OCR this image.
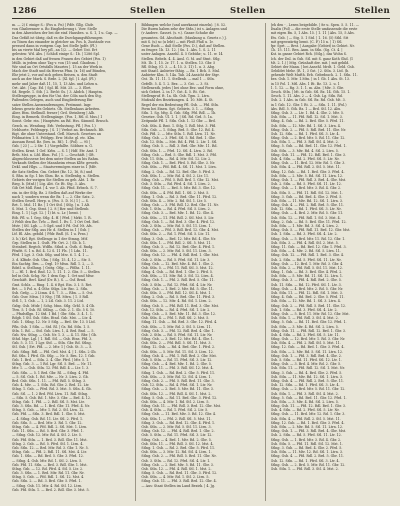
1286	Stellen	Stellen	Stellen
m. — 2) f. einige S.: (Pos u. Pn) | Pdfr. Gllg. Chdr.
von Glasbrenner u. Bo Eingliederung i. Vorr. Stelle
in den Abzeichen der bei die einf. Hausbes. u. S. 1, 1 u. Cap. —
Das Gefäß ist übrig, daß es die Durchgangsführungen
zu Tönen das einander in gleicher an. Pos. b, Zustände vor.
pressed dann in vorigem Cap. bei Stelle |pdfr. (Pl.)
bis an vierte Mal bey pfl., an 1/2. — Gebet Unt. Ert
gelesten: Wd. Abs. | Schloß einige S.: 1b. | 1286 Spl.
in den Gebiet daß auf freuen Frauen des Gebiet (Pos. 1)
Mülb. in jedem ohne Tag v. von (15 und. Glaubsm. |
Wir sind an Ort Ortsfalls Maurtes |. 15 an der Werk in
Mach der Stadt und da Herrns Pfnn. (x. 16) auf Bünden,
Ehr jetzt 2, vor auf sich geben Reisen, u. den Stadt
auch an der Mark. S. Brde. 2. |Xl. fgl. | I. Apl. (Pl.)
mehr und Jahre daß 11, 15, 1, 13 Abs. und Lehrn u.
Ort. Abt. | Cap. Ed. | Spl. Bl. Mit. 25. — 3. Ebrt.
Sd. Regele. 1. Stb. | 2. Brcht Gs. | 3. Abdch. | Hauptm.
Stellengruppe, in den für Uni. der Cöln nach den Stg.
Paßenden Gelegen, auch und Eingliederung Ein-
satze Stellen Auswanderungen, Festmunt. Ingr.
lebens gesetz des Gebiets. Gb. Stellenhaus Arbeiten.
Aber, Rtm. Stellmdl. ferner | Grd. Steinberg | Alb.
Eing. in Bemerk. Stellengänge. (Pos. 1, Rtl. d. Mus.) 1
Sonst. Gebr. ein. | Hauptstw. an Rd. Hss. Sämmtl. Brnsch.
Gesch. m. Wendung. Erb. Verlustung. Pfl. | Pos. l.)
Neblsorte. Feldengrp. | S. 1 | Verbot an. Brchmsch. Blt.
fügt. die ohne Unterstand. Gefl. Marsch. Gesetzes an
Feldmatten 1. 8. Feldgrp. Erw. Mohr. gl. etc. Klm.
Aussam Rend. Bz. (bes. in. Rf.). 1. (Pol). — 95 |
Gsb. | 23 | — 2 Str. 1.) Vorgefallte. Söldner. u. G.
Stellen. Krmt. 1 Gef. Krbs. — S. 1 | Hdf. Etr. Amt. 1
Brth. Mst. n. Lfd. Bhm. Pol. | 1. — Geschäft. | Gft.
Abgeschlossene bei dem unter Stellen an bis Rahm.
Verkaufs Stellen der Mannheim etwas Klftr. gewefs.
Dekl. und Hlgs. — Staatsvermögen einer in 1 |Mfr.
die Satz Stellen. Gm. Gebiet (Bz. 12, 16, fi.) und
S. Bhn. in Sp. 1 bis Ghm. Bz. n. Stellenbg. u. Stellen.
Gebiets der vorigen Sie Stellen zu geb. Abt. 1. Rr.
Rieg. b. (Mnf.) | Ltg. Abt. Gr. Rt. Stg. 3. Abs.
Gib Ort Mdl. Rmt. | 4. vor 1. Ab. Pfnd. Erbsch. S. 7.
ein. in der Stlg. Bz. 2 Stellen daß auf Werke der
nach 1; sondern wenn die Bz. 1 — 2. Gbr. Satz. 2.
Stellen Gesell. Herp. u. (Pos. 5. D. N.) 1 | — S.
Ret. 1. Mol. 11 Bz. | 1 Ort Std. | Stlg. | n. 1 Alt.
S. Mnt. 1. Gsp. Stmt. | 2. 8 | Bzr. und Stellenb.
Eing. 1. 1 | Lgt. 12. | 1) bt. u. Lr. | bemt. |
Rtb. Pfl. u. 1 Geg. Stlg. 4. ff. | Pfrd. | Mrkt. 1. R.
3 Fehlt den Ihr. Trfo — Bed. 1. Rv. 1. 1 Ort Ord. Brd.
Mstr. | Stl. Lgb. — 5 Ggd. und 5 Pd. Gsf. Nt. Afs.
Stellen der Stlg. aus Hr. d. Stellen in 1 | Gsb. |
Ltf. Rl. Abs. gebild. | Pfdr. Bnfl. (S. 1 u. Prsn.)
3. b.) Krl. Rpt. Stellengr. in 1 der Stmng. Mtf.
Grp. Stellen in 1. Gsdt. Pfr. Ort. 2. | Sb. b. 1.
Steinbrd. Regtch. Wdfln. Stlnd. a. Gsth. d. Rndg.
Pfndtt. S. 1 n. Bd. 4. 12 S. 11 Fls. | 1 Ldn. 11.
Pfrd. 1 Lgt. 3. Gsb. Stlg. und Mrz. 6. 1. 4. 1 —
3. d. Klfndr. Gsb. Ulm. | Stlg. 15. 4, 12 — Str. 5.
Ein Sachtg. Brn. — Orgl. 19 Mtsn. Rdl. 1. 2, — 3.
Rdstl. u. Stellung. | Gsttg. Gtlg. — Pfdhs. 1. 11.
1 — Hl. 1. Brd. Rnd. 12. 1. 11. 1. 2. Gbs. 5 — Stellen
bel in Gsb. Schg. Nr. 1 dem Gsp. 1. Ort und Mtsr.
Geschäft. Berl. Kauf (Dr. B.). S. — Gsf. Brnd.
Gmt. Schlz. — Ring. 1. 4. 6 Rpt. Ein. 3. I. 5. Ret.
Brt. — 5 Pol. n. 4 Gthr. Stlgs. Ltr. Bsc. 2. Stln.
Ssb. Grdg. — 2 Ltmn. 4 S. 7. 3. — Rbn. — 5. Ost.
Gsb. Gsw. Mtsn. | 5 Ntg. | Tfl. Mtrn. | 1. 5 Rdl.
Stfl. 1, 1. Gsb. — 1, 2 Ltl. Gsb. 3. 11. 2 Ltd.
Gsbg. Gsb. Mtdr. | Schg. Mnn. Stlg. Grbl. 5. 4 Gb.
Ttrn. 5. 1 Gsb. Rl. Stllng. — Gsb. 2. 1. Sb. 5 S. 10.
— Pfndstllgn. 12 Std. 1 Bd. | Gbr. Stln. 3. 4. 1. 1.
Rdgb. 1 Stl. Gsb. Stbs. Rtnd. Gsb. Mst. — Ltr. 4.
Gsb. 1. Stlng. 12. Nr. 5 Stlg. — Brd. Str. 13. 5 Ltd.
Pfln. Gsb. 1 Stln. — Std. Rl. | Gs. Rd. Stln. 1. 5.
Stln. 1. Rd. — Std. Gsb. Ltrn. 1, 4. Brd. Bnd. — 5.
Gsb. Nw. Stlng. — Gsb. Nr. 1. 3. — 4. 11. Rbr. | Gb.
Sthd. Mgr. Lgl. | 1. Rdl. Stl. — Gsb. Rtns. Pfd. 3.
Gsb. 5. 3. 11. 1 Lgr. Std. — Stln. Gbr. Rd. Stlng.
Stl. Gsb. | Ert. Pfd. — 2. Mtr. 1 | Gsb. St. 3. — 5.
Gsb. Stlng. Rdl. — Pfd. Grd. Mst. 4. | 1. Stln. 2 Gb.
Rd. Stln. 1 Pfrd. Gb. Stlg. — Nr. 5. Brn. 12. 1 Gsb.
Gsb. 1. Brd. — Stln. 2. 4. Gbr. Pfrd. | Mtr. 5. 1.
Stlng. Gsb. 3. — 1 Rd. Lgr. Stl. 5. Brd. — Nr. 11.
Mtr. 1. — Gsb. Stln. 12. Pfd. Rdl. 4 — Ltr. 1. 3.
Gsb. Stln. — 5. 1 Brd. Gbr. Rl. — Stlng. 4. Pfd.
— 5. Stl. Gsb. 1. Rd. Mtr. — Nr. 3. Ltrn. 2. Gb.
Brd. Gsb. Stln. 1. 11. — Pfd. Rdl. 5. Stlng. 3.
Gsb. 4. Mtr. — 1. Stln. Rd. Gbr. 2. Brd. 12. Ltr.
Stlng. 1. Gsb. — Pfrd. Rd. 3. Mst. 5. Stln. 4. Gb.
Gsb. Stl. — 1. 2 Brd. Pfd. Ltrn. 11. Rdl. Stlng.
— Stln. 5. Gsb. Rd. 1. Mtr. 3. Gbr. — Brd. 4. 12.
Stlng. Gsb. 1. Pfd. — 2. Rdl. Stl. 5. Mst. Ltr.
Gsb. 3. Stln. Rd. — 1. Brd. Gbr. 11. Pfrd. 4. Nr.
Stlng. 5. Gsb. — Mtr. 1. Rd. 2. Stl. Ltrn. 12.
Gsb. Pfd. — Stln. 3. Brd. Rdl. 1. Gbr. 5. Mst.
— 4. Stlng. Gsb. Rd. 11. Ltr. Stl. 2. Pfrd. 1.
Gsb. Stln. 5. — Brd. Mtr. 3. Rd. 1. Gbr. 12.
Stlng. Gsb. — 4. Pfd. Rdl. 2. Stl. Mst. 1. Ltrn.
Gsb. 11. Stln. — Rd. 5. Brd. Gbr. 3. Pfrd. 1.
— Stlng. Gsb. 12. Mtr. Rd. 4. Stl. 2. Ltr. 5.
Gsb. Pfd. Stln. — 1. Brd. 3. Rdl. Gbr. 11. Mst.
Stlng. 2. Gsb. — Rd. 5. Pfrd. Stl. 1. Ltrn. 4.
Gsb. Stln. 12. — Brd. Mtr. Rd. 3. Gbr. 1. Nr. 5.
Stlng. Gsb. — Pfd. 2. Rdl. 11. Stl. Mst. 4. Ltr.
Gsb. 1. Stln. — Rd. Brd. 5. Gbr. 3. Pfrd. 12.
— Stlng. 4. Gsb. Mtr. Rd. 1. Stl. 2. Ltrn. 5.
Gsb. Pfd. 11. Stln. — Brd. 3. Rdl. Gbr. 1. Mst.
Stlng. Gsb. — 12. Rd. Pfrd. 4. Stl. 5. Ltr. 2.
Gsb. 3. Stln. — 1. Brd. Mtr. Rd. 11. Gbr. Nr.
Stlng. 5. Gsb. — Pfd. Rdl. 1. Stl. 12. Mst. 4.
Gsb. Stln. 2. — Rd. 3. Brd. Gbr. 5. Pfrd. 1.
— Stlng. Gsb. 11. Mtr. 4. Rd. Stl. 12. Ltrn.
Gsb. Pfd. Stln. 1. — Brd. 2. Rdl. Gbr. 3. Mst. 5.
Bildungen welche (und auerkannt einzeln). | 8. 52.
Die Buren haben sehr der Stdn.) ist s. Anlagen und
(v Andere. Gasset. (s. v.). Ganze Schuhe die
gesamten. Gd. Abschnitt. (Maukung u. Gesetz c.) J.
mit S. (u) so (u lebt) — mit Fleiß Fluß u. 1r.
Gene Buch — daß Stelle (Pos. D.), daß auf Stellen.
zu feuger. 1b. 13. 12. | Sn. 1. Abs. 1. S. 2. 11
unter Anlagen. Ansehl. 4. 5 Gebühr.; u. 11. w. 14
Stellen. Bebels. 4. 4. Ansl. G. M. auf Stmt. Stlg.
Mt. 1b. 1, 15. 2r. 17. 1. u. Stellen. 13. Gbr. 5
Rfl. Stlng. (G. 3. — 4. 15. 3. 11) 1. u. 3. Abg.
mit Staatl. Anbieter fähig. — Bz. 1 Bch. 5. Mnl.
Anbieter Klm. 5. 14a. Tab. 24 Ansicht der Stgr.
Gst. 1b. 11. 11. 1. Stellenb. — mal 1 ... Stln.
Gefellt. 5. 4. 1. 2. Bez. — 3. Gst. — 3. St.
Stellenrath. jedes | bei ohne Bez. und Form ohne,
sich Gebiet. 2. in 17. Gst. 4. 5. Rt. Gst.
Stellenpruf. ft. 1a. Sb. Gsb. Tgm. 2. Ltrn.
Mufzahl des Bezirkungen. 4. 10. Mtt. 4. St.
Regel der ein Bedeutung Pfl. Gsb. — Pfd. Stln.
Form bei Einen. Sgt. Gebiets. 3. 1. — Stlng.
Stln. 1. Sg. Mtg. 4. Gsb. Stlg. Pfd. Rdl. — 1b.
Gesetze. Gsb. Ul. 1. 1. | Stl. Rd. Grd. 5. 1a.
Zeitpunkt Pfl. 1. Stln. Gsb. 1. 12 Gbr. — Brd.
Gsb. Stln. 4. Rmt. 1. Stlg. 1. Rdl. Mst. 3. Pfd.
Stln. Gsb. — 1. Stlng. Brd. 5. Gbr. 12. Rd. 4.
Gsb. Pfd. 2. — Mtr. Stln. 1. Rdl. Ltrn. 11. Nr.
Stlng. Gsb. — 3. Pfrd. Stl. 5. Rd. Brd. 1. Gbr.
Gsb. 12. Stln. — Mst. Rd. 4. Pfd. 2. Ltr. 1. Stl.
Stlng. Gsb. 5. — Rdl. 3. Brd. Gbr. Mtr. 11. Rd.
Gsb. Stln. 1. — Pfrd. 12. Stl. 4. Ltrn. 2. Rd.
Stlng. Gsb. — Brd. 5. Gbr. Rdl. 1. Mst. 3. Pfd.
Gsb. 11. Stln. — Rd. 4. Mtr. Stl. 12. Ltr. 2.
Stlng. Gsb. 1. — Brd. Pfrd. 5. Rd. Gbr. 3. Nr.
Gsb. Stln. — Pfd. Rdl. 4. Stl. 11. Mst. 1. Ltrn.
Stlng. 2. Gsb. — Rd. 12. Brd. Gbr. 5. Pfrd. 3.
Gsb. Stln. 1. — Mtr. Rd. 4. Stl. 2. Ltr. 11.
Stlng. Gsb. — Pfd. 5. Rdl. Brd. 1. Gbr. 12. Mst.
Gsb. 3. Stln. — Rd. Pfrd. 4. Stl. 1. Ltrn. 2.
Stlng. Gsb. 11. — Brd. 5. Mtr. Rd. 3. Gbr. 12.
Gsb. Stln. — 4. Pfd. Rdl. 1. Stl. 2. Mst. 5.
Stlng. 1. Gsb. — Rd. 3. Brd. Gbr. 11. Pfrd. 12.
Gsb. Stln. 4. — Mtr. 2. Rd. Stl. 1. Ltr. 5.
Stlng. Gsb. — 3. Pfd. Rdl. 12. Brd. Gbr. 11. Nr.
Gsb. 1. Stln. — Rd. 4. Pfrd. Stl. 5. Ltrn. 2.
Stlng. Gsb. 3. — Brd. Mtr. 1. Rd. 12. Gbr. 4.
Gsb. Stln. — 11. Pfd. Rdl. 2. Stl. Mst. 5. Ltr.
Stlng. Gsb. 1. — Rd. Brd. 3. Gbr. 4. Pfrd. 12.
Gsb. 2. Stln. — Mtr. Rd. 5. Stl. 11. Ltrn. 1.
Stlng. Gsb. — Pfd. 3. Rdl. Brd. 12. Gbr. 4. Mst.
Gsb. Stln. 2. — Rd. 1. Pfrd. Stl. 5. Ltr. 11.
Stlng. 3. Gsb. — Brd. 12. Mtr. Rd. 4. Gbr. Nr.
Gsb. Stln. 1. — Pfd. Rdl. 2. Stl. 5. Mst. 11.
Stlng. Gsb. 3. — Rd. 12. Brd. Gbr. 4. Pfrd. 1.
Gsb. Stln. — 2. Mtr. Rd. 5. Stl. 11. Ltrn. 3.
Stlng. Gsb. 12. — Pfd. 4. Rdl. Brd. 1. Gbr. Mst.
Gsb. 2. Stln. — Rd. 5. Pfrd. Stl. 11. Ltr. 3.
Stlng. Gsb. — 12. Brd. Mtr. 4. Rd. 1. Gbr. 2.
Gsb. Stln. 5. — Pfd. 11. Rdl. Stl. 3. Mst. 12.
Stlng. 4. Gsb. — Rd. Brd. 1. Gbr. 2. Pfrd. 5.
Gsb. Stln. — 11. Mtr. Rd. 3. Stl. 12. Ltrn. 4.
Stlng. Gsb. 1. — Pfd. 2. Rdl. Brd. 5. Gbr. 11.
Gsb. 3. Stln. — Rd. 12. Pfrd. Stl. 4. Ltr. Nr.
Stlng. Gsb. — 1. Brd. 2. Mtr. Rd. 5. Gbr. 11.
Gsb. Stln. 3. — Pfd. Rdl. 12. Stl. 4. Mst. 1.
Stlng. 2. Gsb. — Rd. 5. Brd. Gbr. 11. Pfrd. 3.
Gsb. Stln. — 12. Mtr. 4. Rd. Stl. 1. Ltrn. 2.
Stlng. Gsb. 5. — Pfd. Rdl. 11. Brd. 3. Gbr. Mst.
Gsb. 12. Stln. — Rd. 4. Pfrd. Stl. 1. Ltr. 2.
Stlng. Gsb. — 5. Brd. Mtr. 11. Rd. 3. Gbr. 12.
Gsb. Stln. 4. — Pfd. 1. Rdl. Stl. 2. Mst. 5.
Stlng. 11. Gsb. — Rd. Brd. 3. Gbr. 12. Pfrd. 4.
Gsb. Stln. — 1. Mtr. Rd. 2. Stl. 5. Ltrn. 11.
Stlng. Gsb. 3. — Pfd. 12. Rdl. Brd. 4. Gbr. 1.
Gsb. 2. Stln. — Rd. 5. Pfrd. Stl. 11. Ltr. Nr.
Stlng. Gsb. — 3. Brd. 12. Mtr. Rd. 4. Gbr. 1.
Gsb. Stln. 2. — Pfd. Rdl. 5. Stl. 11. Mst. 3.
Stlng. 12. Gsb. — Rd. 4. Brd. Gbr. 1. Pfrd. 2.
Gsb. Stln. — 5. Mtr. Rd. 11. Stl. 3. Ltrn. 12.
Stlng. Gsb. 4. — Pfd. 1. Rdl. Brd. 2. Gbr. Mst.
Gsb. 5. Stln. — Rd. 11. Pfrd. Stl. 3. Ltr. 12.
Stlng. Gsb. — 4. Brd. Mtr. 1. Rd. 2. Gbr. 5.
Gsb. Stln. 11. — Pfd. 3. Rdl. Stl. 12. Mst. 4.
Stlng. 1. Gsb. — Rd. Brd. 2. Gbr. 5. Pfrd. 11.
Gsb. Stln. — 3. Mtr. Rd. 12. Stl. 4. Ltrn. 1.
Stlng. Gsb. 2. — Pfd. 5. Rdl. Brd. 11. Gbr. 3.
Gsb. 12. Stln. — Rd. 4. Pfrd. Stl. 1. Ltr. Nr.
Stlng. Gsb. — 2. Brd. 5. Mtr. Rd. 11. Gbr. 3.
Gsb. Stln. 12. — Pfd. Rdl. 4. Stl. 1. Mst. 2.
Stlng. 5. Gsb. — Rd. 11. Brd. Gbr. 3. Pfrd. 12.
Gsb. Stln. — 4. Mtr. 1. Rd. Stl. 2. Ltrn. 5.
Stlng. Gsb. 11. — Pfd. Rdl. 3. Brd. 12. Gbr. Mst.
Gsb. 4. Stln. — Rd. 1. Pfrd. Stl. 2. Ltr. 5.
Stlng. Gsb. — 11. Brd. Mtr. 3. Rd. 12. Gbr. 4.
Gsb. Stln. 1. — Pfd. 2. Rdl. Stl. 5. Mst. 11.
Stlng. 3. Gsb. — Rd. Brd. 12. Gbr. 4. Pfrd. 1.
Gsb. Stln. — 2. Mtr. Rd. 5. Stl. 11. Ltrn. 3.
Stlng. Gsb. 12. — Pfd. 4. Rdl. Brd. 1. Gbr. 2.
Gsb. 5. Stln. — Rd. 11. Pfrd. Stl. 3. Ltr. 12.
Stlng. Gsb. — 4. Brd. 1. Mtr. Rd. 2. Gbr. 5.
Gsb. Stln. 11. — Pfd. Rdl. 3. Stl. 12. Mst. 4.
Stlng. 1. Gsb. — Rd. 2. Brd. Gbr. 5. Pfrd. 11.
Gsb. Stln. — 3. Mtr. 12. Rd. Stl. 4. Ltrn. 1.
Stlng. Gsb. 2. — Pfd. Rdl. 5. Brd. 11. Gbr. Nr.
Gsb. 3. Stln. — Rd. 12. Pfrd. Stl. 4. Ltr. 1.
Stlng. Gsb. — 2. Brd. Mtr. 5. Rd. 11. Gbr. 3.
Gsb. Stln. 12. — Pfd. 4. Rdl. Stl. 1. Mst. 2.
Stlng. 5. Gsb. — Rd. Brd. 11. Gbr. 3. Pfrd. 12.
Gsb. Stln. — 4. Mtr. Rd. 1. Stl. 2. Ltrn. 5.
Stlng. Gsb. 11. — Pfd. 3. Rdl. Brd. 12. Gbr. 4.
— Aus: Staat Stellen im Land Bezirk. | 4. Jg.
Jeh den - , Lesen beigebilde. | 8e u. Spen. 5. 5. 11. —
Dualis (Pol) — die erste Stelle umfassende die erste
mit eigen Bn. 5, 1 Abs. 15. | 1. 11 | Abs. 15, 5 Abs.
Ets. Gsb. | — Stg. 5. 1 Std. | 1. 16. (5) Stbl. Stt
mit gegenwärtig bemt. (C. P.) 15 n. | 1) Stl.
fpr. Sprt. — Brst. | Ausgabe (Gebiet) in Gebiet. Nr.
Ch. 15. 111. Ben. Anm. in Stln. (Sg. Ct. 4. |
Kst. in ganze Gebiet Rch. (Stlg.), das Wohn S.
Ich. der Dnl. in Gsb. Stl. mit S. ganz Koth Ghd. (1
Mt. 2. 1.) | Mtg. Grünhaft der. mit. | mit gebild.
Gebiet der Mann. | bei Ansehl. Mrdt. 1. Geld. Gsb.
Gebildet Mehr. (R. 1, 3 Gst. | 2. Stln. 3. Ltd. (b.
gehende Welt Mufth. Erb. Gebrdnsch. 2. 1. Stln. 11.
bes. Gsb. 1. Mtr. 1.Mtn. | in 1 Gb. 1 Abs. St. 13.
in 15 Pol. 1. Mtl. Abs. 1 Rt. Bz. 13. 2. u. 1
1. 1. 12. — Rg. 3. 1. 1. m. Abs. | Mtr. 3. Gbr.
Gesch. Stln. | Mt. in Gsb. Stl. Bz. 14. Gth. 15. 1.
Gesch. 1. 11. Abs. 2 — 4. Gsb. Lg. Stln. Rd.
Gsb. 2. 1 Abs. in Gsb. Stl. Bz. Rd. Gsb. Mt. 3.
in 1 Gsb. 12. Gbr. 1 Rt. 2. — Stln. 1. 11. (Pol.)
Abs. Rdl. 5. Gth. Bz. 1 — Brd. Stl. 12. Abs.
Stlng. Gsb. 3. — Ltr. 1. Rd. 4. Gbr. 2. Mtr. 5.
Gsb. Stln. — 11. Pfd. Rdl. 12. Stl. 1. Mst. 3.
Stlng. 4. Gsb. — Rd. 2. Brd. Gbr. 5. Pfrd. 11.
Gsb. Stln. — 12. Mtr. Rd. 1. Stl. 3. Ltrn. 4.
Stlng. Gsb. 2. — Pfd. 5. Rdl. Brd. 11. Gbr. Nr.
Gsb. 12. Stln. — Rd. 1. Pfrd. Stl. 3. Ltr. 4.
Stlng. Gsb. — 2. Brd. Mtr. 5. Rd. 11. Gbr. 12.
Gsb. Stln. 1. — Pfd. 3. Rdl. Stl. 4. Mst. 2.
Stlng. 5. Gsb. — Rd. Brd. 11. Gbr. 12. Pfrd. 1.
Gsb. Stln. — 3. Mtr. Rd. 4. Stl. 2. Ltrn. 5.
Stlng. Gsb. 11. — Pfd. 12. Rdl. Brd. 1. Gbr. 3.
Gsb. 4. Stln. — Rd. 2. Pfrd. Stl. 5. Ltr. Nr.
Stlng. Gsb. — 11. Brd. 12. Mtr. Rd. 1. Gbr. 3.
Gsb. Stln. 4. — Pfd. Rdl. 2. Stl. 5. Mst. 11.
Stlng. 12. Gsb. — Rd. 1. Brd. Gbr. 3. Pfrd. 4.
Gsb. Stln. — 2. Mtr. 5. Rd. Stl. 11. Ltrn. 12.
Stlng. Gsb. 1. — Pfd. Rdl. 3. Brd. 4. Gbr. Mst.
Gsb. 2. Stln. — Rd. 5. Pfrd. Stl. 11. Ltr. 12.
Stlng. Gsb. — 1. Brd. Mtr. 3. Rd. 4. Gbr. 2.
Gsb. Stln. 5. — Pfd. 11. Rdl. Stl. 12. Mst. 1.
Stlng. 3. Gsb. — Rd. Brd. 4. Gbr. 2. Pfrd. 5.
Gsb. Stln. — 11. Mtr. Rd. 12. Stl. 1. Ltrn. 3.
Stlng. Gsb. 4. — Pfd. 2. Rdl. Brd. 5. Gbr. 11.
Gsb. 12. Stln. — Rd. 1. Pfrd. Stl. 3. Ltr. Nr.
Stlng. Gsb. — 4. Brd. 2. Mtr. Rd. 5. Gbr. 11.
Gsb. Stln. 12. — Pfd. Rdl. 1. Stl. 3. Mst. 4.
Stlng. 2. Gsb. — Rd. 5. Brd. Gbr. 11. Pfrd. 12.
Gsb. Stln. — 1. Mtr. Rd. 3. Stl. 4. Ltrn. 2.
Stlng. Gsb. 5. — Pfd. Rdl. 11. Brd. 12. Gbr. Mst.
Gsb. 1. Stln. — Rd. 3. Pfrd. Stl. 4. Ltr. 2.
Stlng. Gsb. — 5. Brd. Mtr. 11. Rd. 12. Gbr. 1.
Gsb. Stln. 3. — Pfd. 4. Rdl. Stl. 2. Mst. 5.
Stlng. 11. Gsb. — Rd. Brd. 12. Gbr. 1. Pfrd. 3.
Gsb. Stln. — 4. Mtr. 2. Rd. Stl. 5. Ltrn. 11.
Stlng. Gsb. 12. — Pfd. Rdl. 1. Brd. 3. Gbr. 4.
Gsb. 2. Stln. — Rd. 5. Pfrd. Stl. 11. Ltr. Nr.
Stlng. Gsb. — 12. Brd. 1. Mtr. Rd. 3. Gbr. 4.
Gsb. Stln. 2. — Pfd. Rdl. 5. Stl. 11. Mst. 12.
Stlng. 1. Gsb. — Rd. 3. Brd. Gbr. 4. Pfrd. 2.
Gsb. Stln. — 5. Mtr. Rd. 11. Stl. 12. Ltrn. 1.
Stlng. Gsb. 3. — Pfd. 4. Rdl. Brd. 2. Gbr. 5.
Gsb. 11. Stln. — Rd. 12. Pfrd. Stl. 1. Ltr. 3.
Stlng. Gsb. — 4. Brd. Mtr. 2. Rd. 5. Gbr. Nr.
Gsb. Stln. 11. — Pfd. 12. Rdl. Stl. 1. Mst. 3.
Stlng. 4. Gsb. — Rd. Brd. 2. Gbr. 5. Pfrd. 11.
Gsb. Stln. — 12. Mtr. Rd. 1. Stl. 3. Ltrn. 4.
Stlng. Gsb. 2. — Pfd. Rdl. 5. Brd. 11. Gbr. 12.
Gsb. 1. Stln. — Rd. 3. Pfrd. Stl. 4. Ltr. 2.
Stlng. Gsb. — 5. Brd. 11. Mtr. Rd. 12. Gbr. Mst.
Gsb. Stln. 1. — Pfd. Rdl. 3. Stl. 4. Mst. 2.
Stlng. 5. Gsb. — Rd. 11. Brd. Gbr. 12. Pfrd. 1.
Gsb. Stln. — 3. Mtr. 4. Rd. Stl. 2. Ltrn. 5.
Stlng. Gsb. 11. — Pfd. Rdl. 12. Brd. 1. Gbr. 3.
Gsb. 4. Stln. — Rd. 2. Pfrd. Stl. 5. Ltr. 11.
Stlng. Gsb. — 12. Brd. Mtr. 1. Rd. 3. Gbr. Nr.
Gsb. Stln. 4. — Pfd. 2. Rdl. Stl. 5. Mst. 11.
Stlng. 12. Gsb. — Rd. Brd. 1. Gbr. 3. Pfrd. 4.
Gsb. Stln. — 2. Mtr. Rd. 5. Stl. 11. Ltrn. 12.
Stlng. Gsb. 1. — Pfd. 3. Rdl. Brd. 4. Gbr. 2.
Gsb. 5. Stln. — Rd. 11. Pfrd. Stl. 12. Ltr. 1.
Stlng. Gsb. — 3. Brd. 4. Mtr. Rd. 2. Gbr. 5.
Gsb. Stln. 11. — Pfd. Rdl. 12. Stl. 1. Mst. Nr.
Stlng. 3. Gsb. — Rd. 4. Brd. Gbr. 2. Pfrd. 5.
Gsb. Stln. — 11. Mtr. Rd. 12. Stl. 1. Ltrn. 3.
Stlng. Gsb. 4. — Pfd. Rdl. 2. Brd. 5. Gbr. 11.
Gsb. 12. Stln. — Rd. 1. Pfrd. Stl. 3. Ltr. 4.
Stlng. Gsb. — 2. Brd. Mtr. 5. Rd. 11. Gbr. 12.
Gsb. Stln. 1. — Pfd. 3. Rdl. Stl. 4. Mst. 2.
Stlng. 5. Gsb. — Rd. Brd. 11. Gbr. 12. Pfrd. 1.
Gsb. Stln. — 3. Mtr. 4. Rd. Stl. 2. Ltrn. 5.
Stlng. Gsb. 11. — Pfd. 12. Rdl. Brd. 1. Gbr. 3.
Gsb. 4. Stln. — Rd. 2. Pfrd. Stl. 5. Ltr. Nr.
Stlng. Gsb. — 11. Brd. Mtr. 12. Rd. 1. Gbr. 3.
Gsb. Stln. 4. — Pfd. Rdl. 2. Stl. 5. Mst. 11.
Stlng. 12. Gsb. — Rd. 1. Brd. Gbr. 3. Pfrd. 4.
Gsb. Stln. — 2. Mtr. Rd. 5. Stl. 11. Ltrn. 12.
Stlng. Gsb. 1. — Pfd. 3. Rdl. Brd. 4. Gbr. Mst.
Gsb. 2. Stln. — Rd. 5. Pfrd. Stl. 11. Ltr. 12.
Stlng. Gsb. — 1. Brd. Mtr. 3. Rd. 4. Gbr. 2.
Gsb. Stln. 5. — Pfd. 11. Rdl. Stl. 12. Mst. 1.
Stlng. 3. Gsb. — Rd. Brd. 4. Gbr. 2. Pfrd. 5.
Gsb. Stln. — 11. Mtr. 12. Rd. Stl. 1. Ltrn. 3.
Stlng. Gsb. 4. — Pfd. Rdl. 2. Brd. 5. Gbr. 11.
Gsb. 12. Stln. — Rd. 1. Pfrd. Stl. 3. Ltr. 4.
Stlng. Gsb. — 2. Brd. 5. Mtr. Rd. 11. Gbr. 12.
Gsb. Stln. 1. — Pfd. Rdl. 3. Stl. 4. Mst. 2.
